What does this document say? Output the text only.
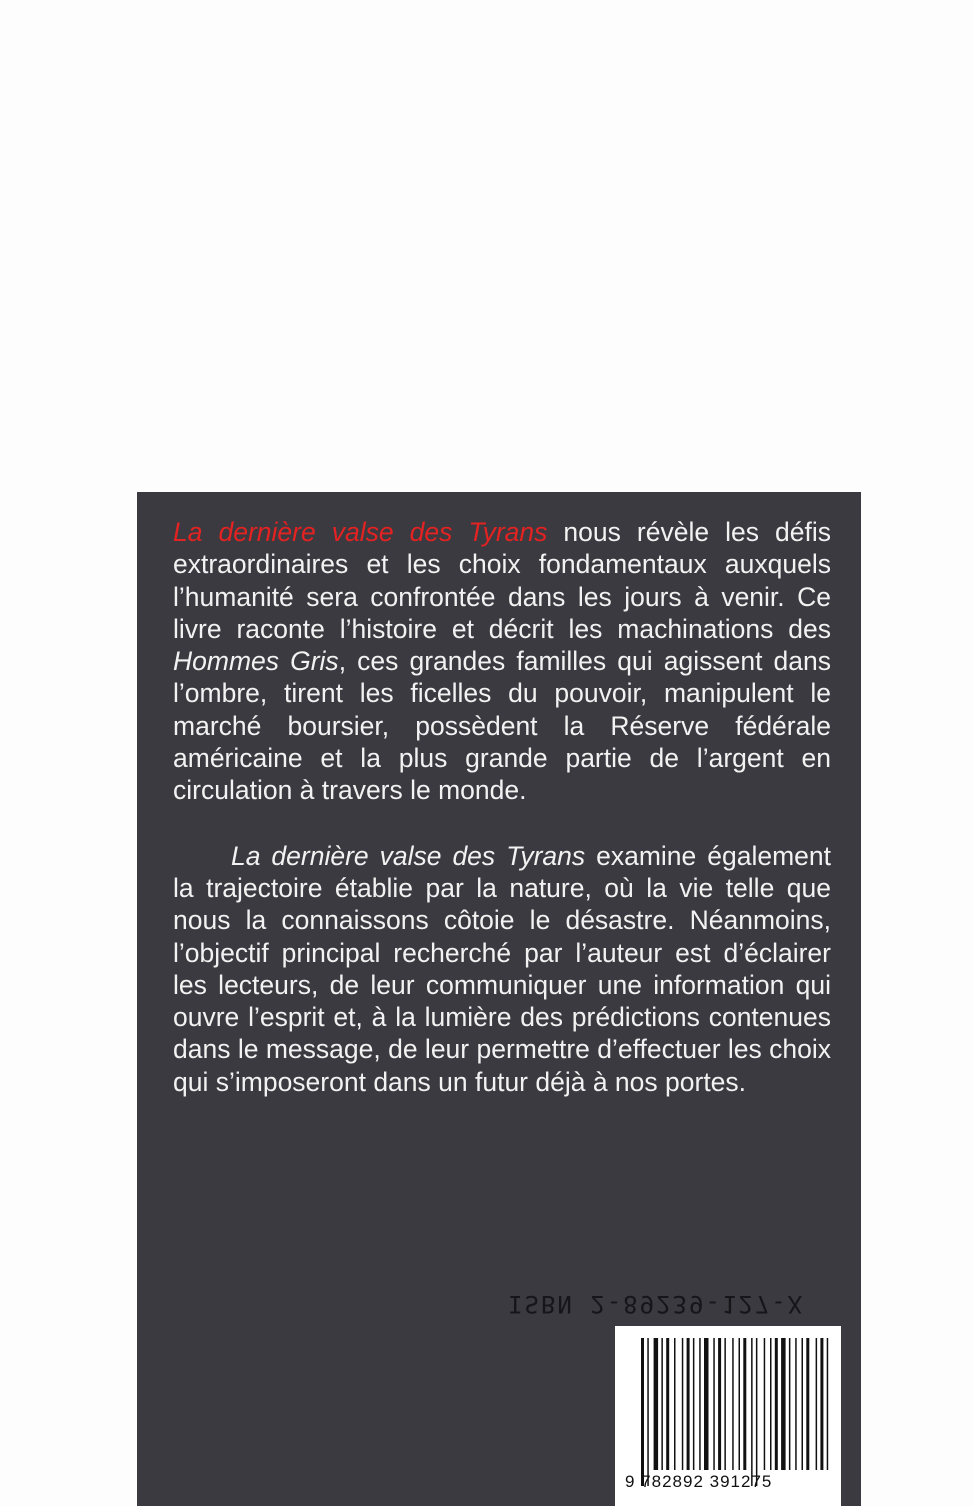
La dernière valse des Tyrans nous révèle les défis extraordinaires et les choix fondamentaux auxquels l’humanité sera confrontée dans les jours à venir. Ce livre raconte l’histoire et décrit les machinations des Hommes Gris, ces grandes familles qui agissent dans l’ombre, tirent les ficelles du pouvoir, manipulent le marché boursier, possèdent la Réserve fédérale américaine et la plus grande partie de l’argent en circulation à travers le monde.

La dernière valse des Tyrans examine également la trajectoire établie par la nature, où la vie telle que nous la connaissons côtoie le désastre. Néanmoins, l’objectif principal recherché par l’auteur est d’éclairer les lecteurs, de leur communiquer une information qui ouvre l’esprit et, à la lumière des prédictions contenues dans le message, de leur permettre d’effectuer les choix qui s’imposeront dans un futur déjà à nos portes.

ISBN 2-89239-127-X
9 782892 391275
